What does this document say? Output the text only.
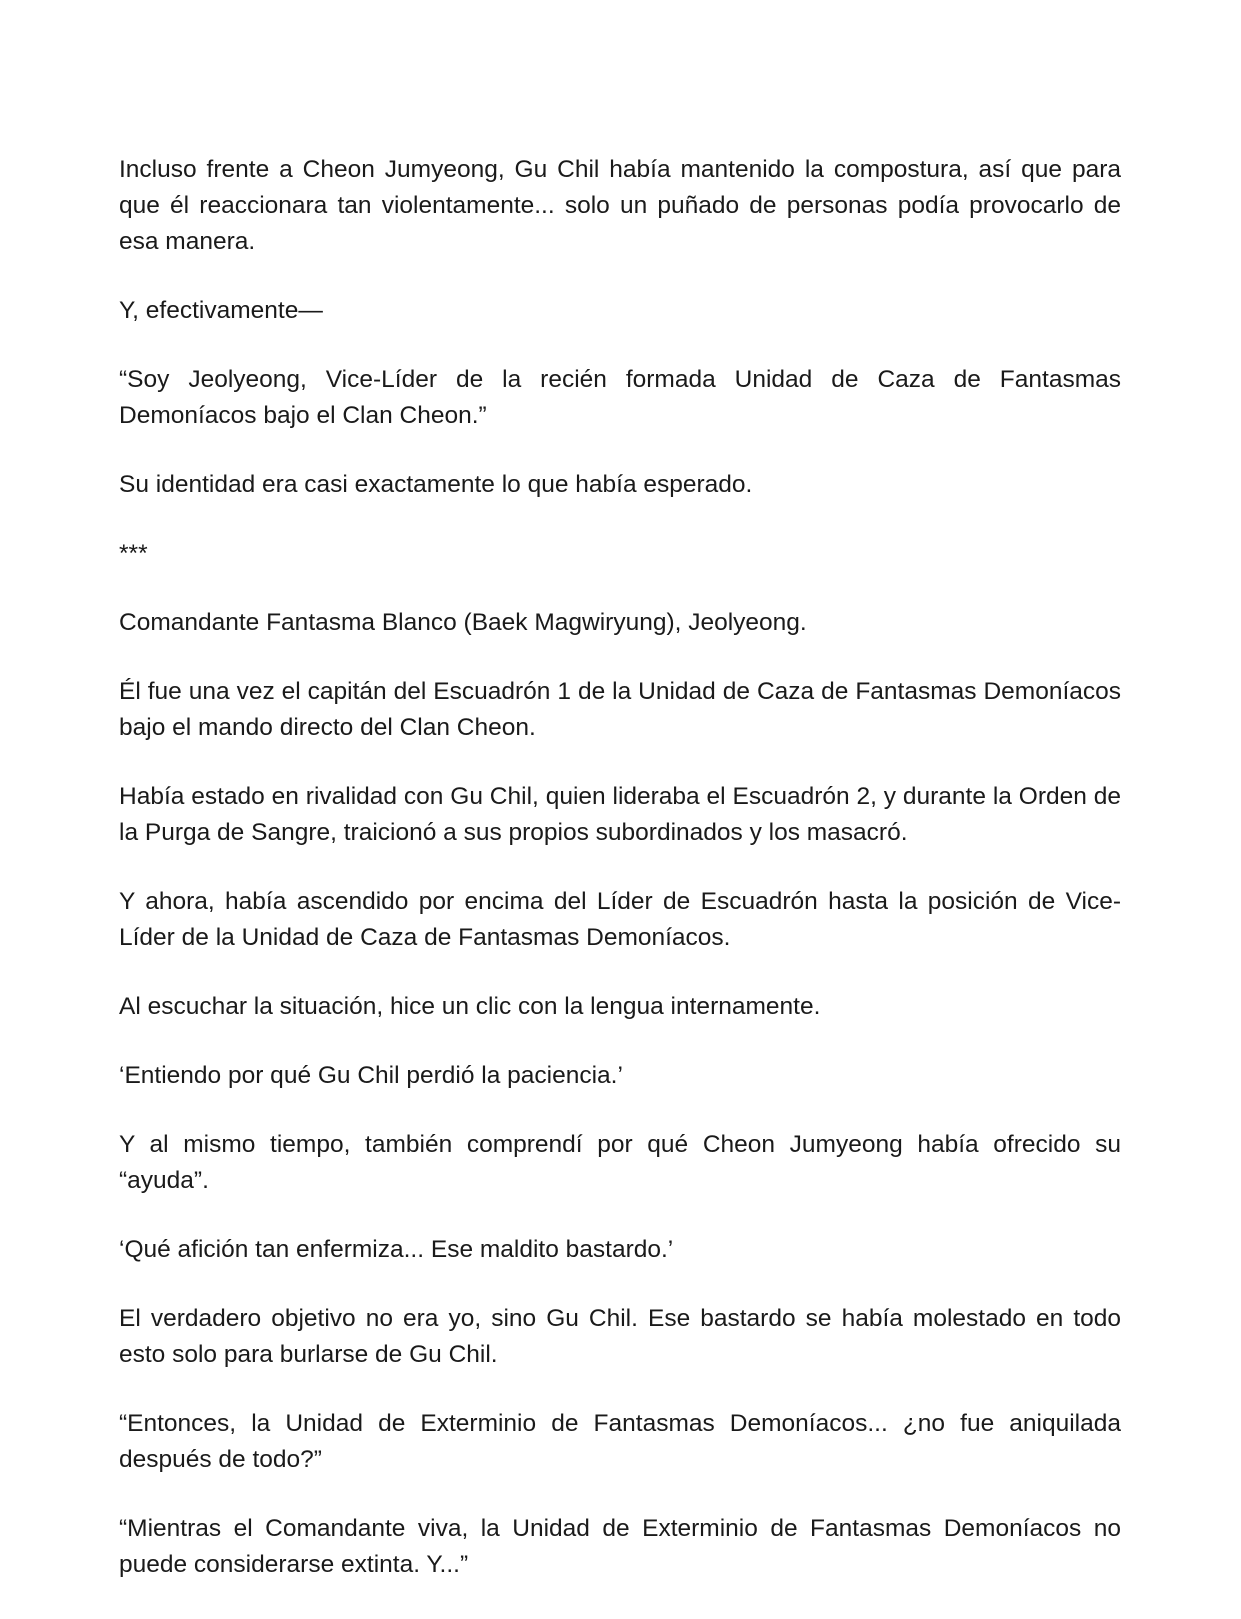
Incluso frente a Cheon Jumyeong, Gu Chil había mantenido la compostura, así que para que él reaccionara tan violentamente... solo un puñado de personas podía provocarlo de esa manera.

Y, efectivamente—

“Soy Jeolyeong, Vice-Líder de la recién formada Unidad de Caza de Fantasmas Demoníacos bajo el Clan Cheon.”

Su identidad era casi exactamente lo que había esperado.

***

Comandante Fantasma Blanco (Baek Magwiryung), Jeolyeong.

Él fue una vez el capitán del Escuadrón 1 de la Unidad de Caza de Fantasmas Demoníacos bajo el mando directo del Clan Cheon.

Había estado en rivalidad con Gu Chil, quien lideraba el Escuadrón 2, y durante la Orden de la Purga de Sangre, traicionó a sus propios subordinados y los masacró.

Y ahora, había ascendido por encima del Líder de Escuadrón hasta la posición de Vice-Líder de la Unidad de Caza de Fantasmas Demoníacos.

Al escuchar la situación, hice un clic con la lengua internamente.

‘Entiendo por qué Gu Chil perdió la paciencia.’

Y al mismo tiempo, también comprendí por qué Cheon Jumyeong había ofrecido su “ayuda”.

‘Qué afición tan enfermiza... Ese maldito bastardo.’

El verdadero objetivo no era yo, sino Gu Chil. Ese bastardo se había molestado en todo esto solo para burlarse de Gu Chil.

“Entonces, la Unidad de Exterminio de Fantasmas Demoníacos... ¿no fue aniquilada después de todo?”

“Mientras el Comandante viva, la Unidad de Exterminio de Fantasmas Demoníacos no puede considerarse extinta. Y...”
